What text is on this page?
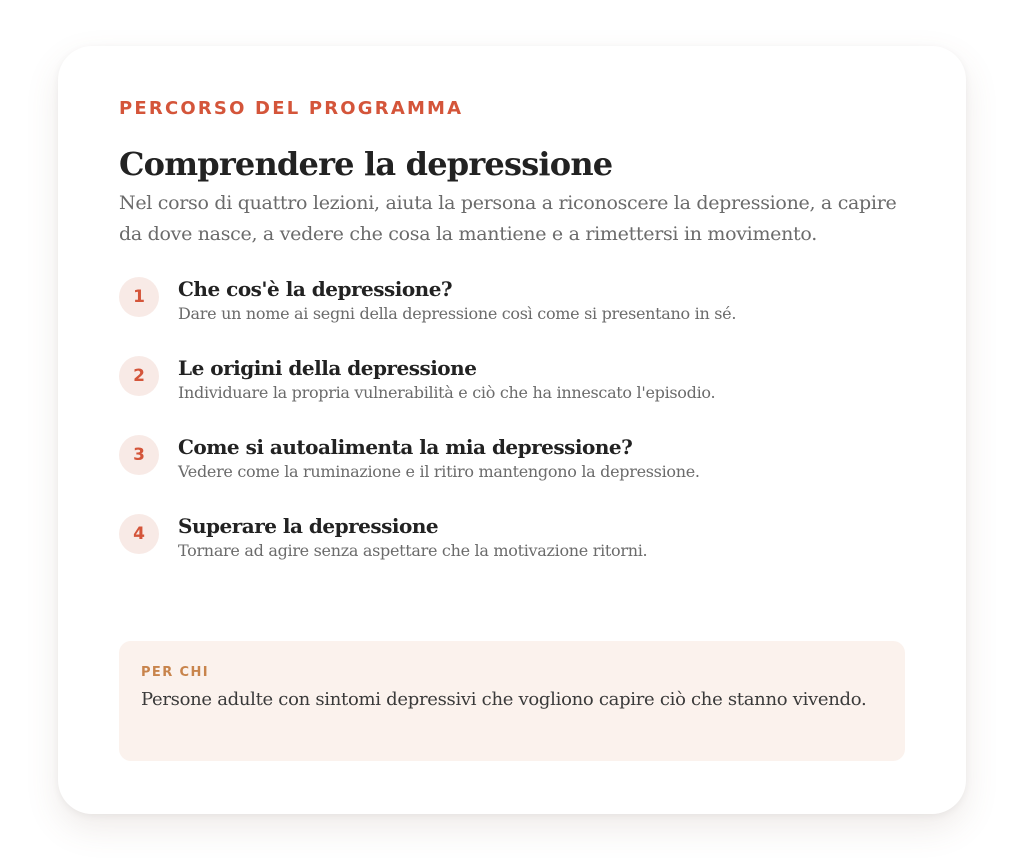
PERCORSO DEL PROGRAMMA
Comprendere la depressione

Nel corso di quattro lezioni, aiuta la persona a riconoscere la depressione, a capire da dove nasce, a vedere che cosa la mantiene e a rimettersi in movimento.

1	Che cos'è la depressione?
Dare un nome ai segni della depressione così come si presentano in sé.
2	Le origini della depressione
Individuare la propria vulnerabilità e ciò che ha innescato l'episodio.
3	Come si autoalimenta la mia depressione?
Vedere come la ruminazione e il ritiro mantengono la depressione.
4	Superare la depressione
Tornare ad agire senza aspettare che la motivazione ritorni.
PER CHI
Persone adulte con sintomi depressivi che vogliono capire ciò che stanno vivendo.
